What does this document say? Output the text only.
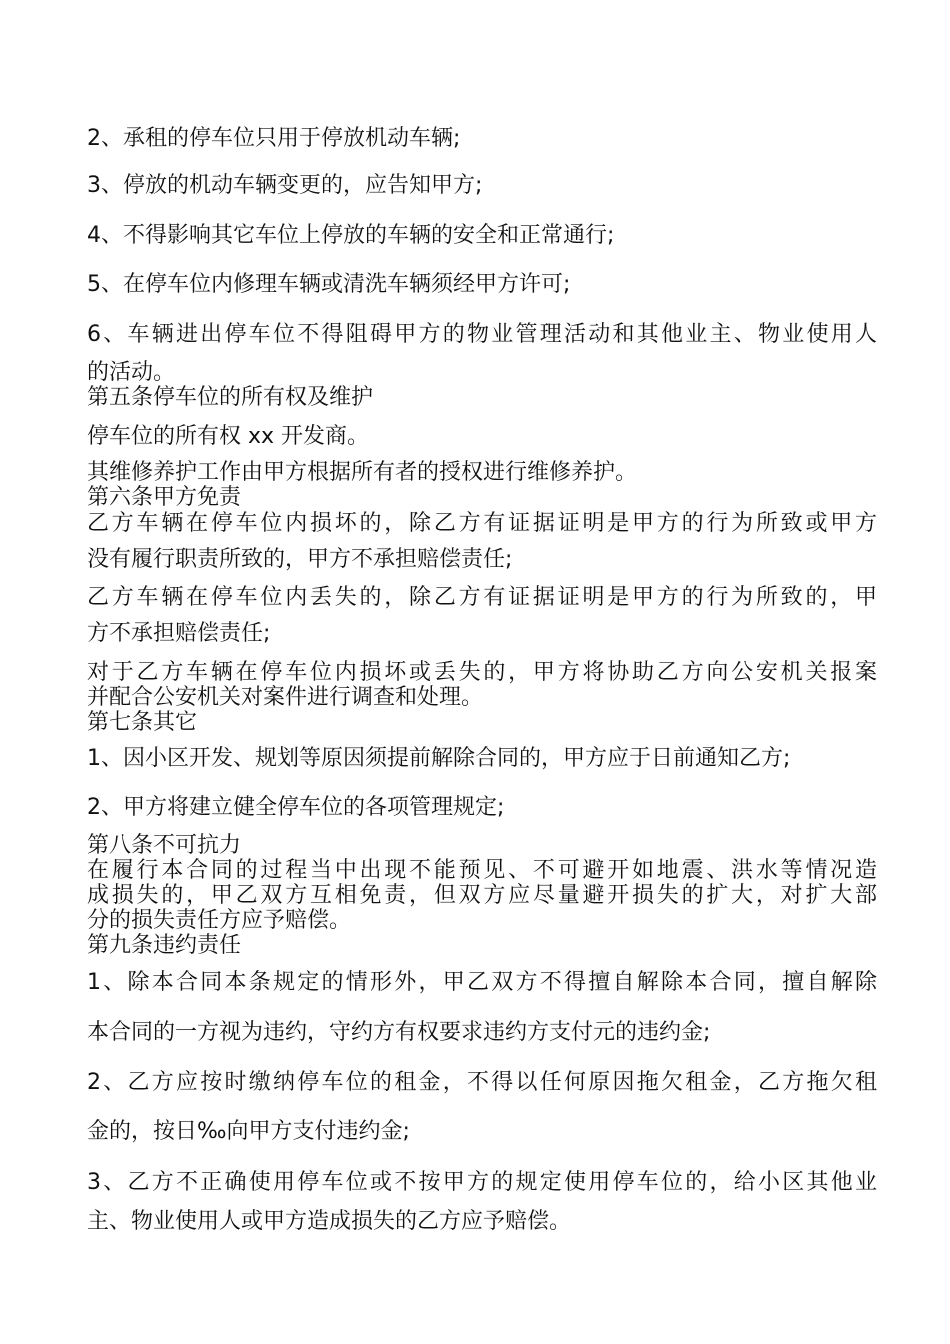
2、承租的停车位只用于停放机动车辆;
3、停放的机动车辆变更的，应告知甲方;
4、不得影响其它车位上停放的车辆的安全和正常通行;
5、在停车位内修理车辆或清洗车辆须经甲方许可;
6、车辆进出停车位不得阻碍甲方的物业管理活动和其他业主、物业使用人
的活动。
第五条停车位的所有权及维护
停车位的所有权 xx 开发商。
其维修养护工作由甲方根据所有者的授权进行维修养护。
第六条甲方免责
乙方车辆在停车位内损坏的，除乙方有证据证明是甲方的行为所致或甲方
没有履行职责所致的，甲方不承担赔偿责任;
乙方车辆在停车位内丢失的，除乙方有证据证明是甲方的行为所致的，甲
方不承担赔偿责任;
对于乙方车辆在停车位内损坏或丢失的，甲方将协助乙方向公安机关报案
并配合公安机关对案件进行调查和处理。
第七条其它
1、因小区开发、规划等原因须提前解除合同的，甲方应于日前通知乙方;
2、甲方将建立健全停车位的各项管理规定;
第八条不可抗力
在履行本合同的过程当中出现不能预见、不可避开如地震、洪水等情况造
成损失的，甲乙双方互相免责，但双方应尽量避开损失的扩大，对扩大部
分的损失责任方应予赔偿。
第九条违约责任
1、除本合同本条规定的情形外，甲乙双方不得擅自解除本合同，擅自解除
本合同的一方视为违约，守约方有权要求违约方支付元的违约金;
2、乙方应按时缴纳停车位的租金，不得以任何原因拖欠租金，乙方拖欠租
金的，按日‰向甲方支付违约金;
3、乙方不正确使用停车位或不按甲方的规定使用停车位的，给小区其他业
主、物业使用人或甲方造成损失的乙方应予赔偿。
